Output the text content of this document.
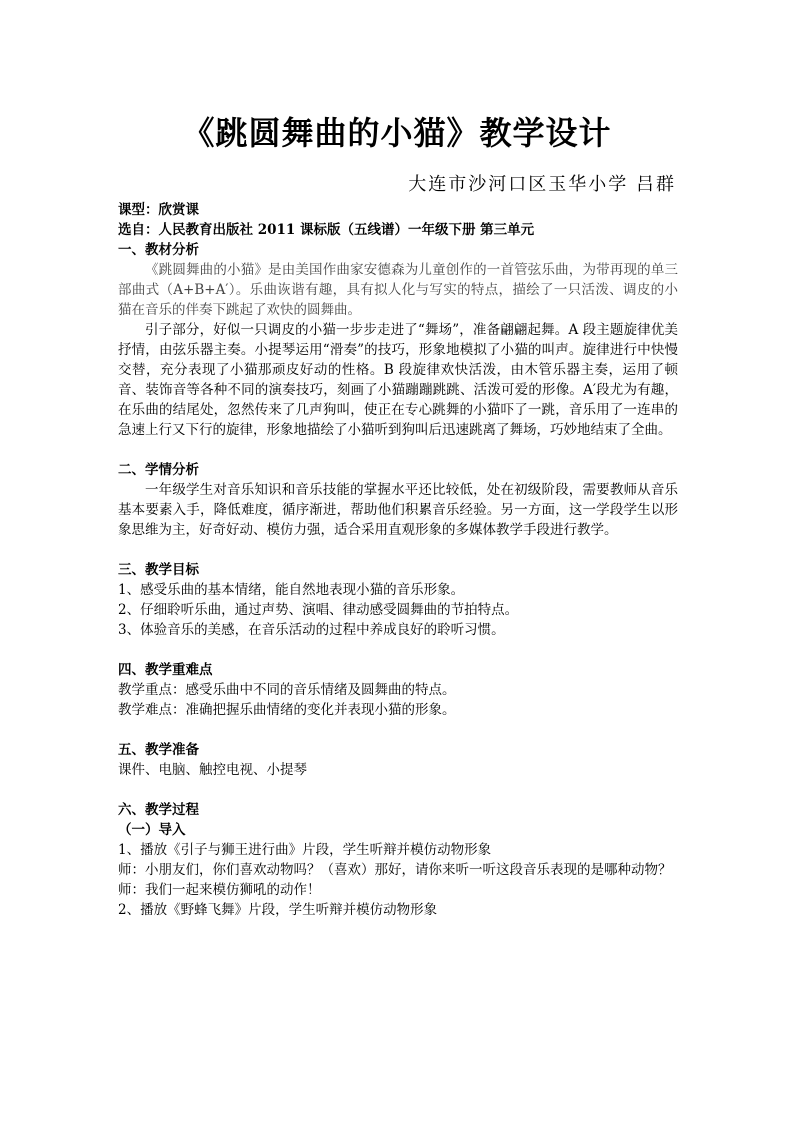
《跳圆舞曲的小猫》教学设计
大连市沙河口区玉华小学 吕群

课型：欣赏课

选自：人民教育出版社 2011 课标版（五线谱）一年级下册 第三单元

一、教材分析

《跳圆舞曲的小猫》是由美国作曲家安德森为儿童创作的一首管弦乐曲，为带再现的单三部曲式（A+B+A′）。乐曲诙谐有趣，具有拟人化与写实的特点，描绘了一只活泼、调皮的小猫在音乐的伴奏下跳起了欢快的圆舞曲。

引子部分，好似一只调皮的小猫一步步走进了“舞场”，准备翩翩起舞。A 段主题旋律优美抒情，由弦乐器主奏。小提琴运用“滑奏”的技巧，形象地模拟了小猫的叫声。旋律进行中快慢交替，充分表现了小猫那顽皮好动的性格。B 段旋律欢快活泼，由木管乐器主奏，运用了顿音、装饰音等各种不同的演奏技巧，刻画了小猫蹦蹦跳跳、活泼可爱的形像。A′段尤为有趣，在乐曲的结尾处，忽然传来了几声狗叫，使正在专心跳舞的小猫吓了一跳，音乐用了一连串的急速上行又下行的旋律，形象地描绘了小猫听到狗叫后迅速跳离了舞场，巧妙地结束了全曲。

二、学情分析

一年级学生对音乐知识和音乐技能的掌握水平还比较低，处在初级阶段，需要教师从音乐基本要素入手，降低难度，循序渐进，帮助他们积累音乐经验。另一方面，这一学段学生以形象思维为主，好奇好动、模仿力强，适合采用直观形象的多媒体教学手段进行教学。

三、教学目标

1、感受乐曲的基本情绪，能自然地表现小猫的音乐形象。

2、仔细聆听乐曲，通过声势、演唱、律动感受圆舞曲的节拍特点。

3、体验音乐的美感，在音乐活动的过程中养成良好的聆听习惯。

四、教学重难点

教学重点：感受乐曲中不同的音乐情绪及圆舞曲的特点。

教学难点：准确把握乐曲情绪的变化并表现小猫的形象。

五、教学准备

课件、电脑、触控电视、小提琴

六、教学过程

（一）导入

1、播放《引子与狮王进行曲》片段，学生听辩并模仿动物形象

师：小朋友们，你们喜欢动物吗？（喜欢）那好，请你来听一听这段音乐表现的是哪种动物？

师：我们一起来模仿狮吼的动作！

2、播放《野蜂飞舞》片段，学生听辩并模仿动物形象
